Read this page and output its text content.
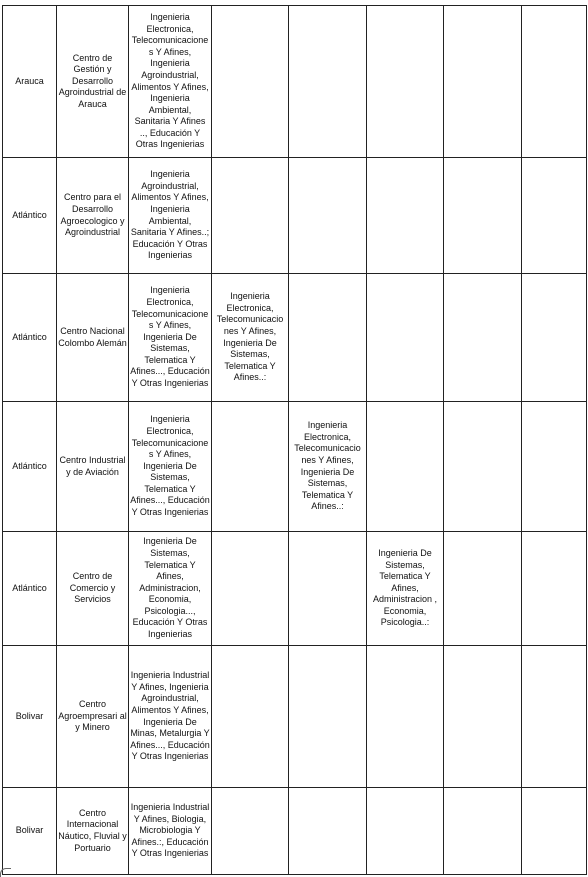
Arauca	Centro de Gestión y Desarrollo Agroindustrial de Arauca	Ingenieria Electronica, Telecomunicacione s Y Afines, Ingenieria Agroindustrial, Alimentos Y Afines, Ingenieria Ambiental, Sanitaria Y Afines .., Educación Y Otras Ingenierias					

Atlántico	Centro para el Desarrollo Agroecologico y Agroindustrial	Ingenieria Agroindustrial, Alimentos Y Afines, Ingenieria Ambiental, Sanitaria Y Afines..; Educación Y Otras Ingenierias					

Atlántico	Centro Nacional Colombo Alemán	Ingenieria Electronica, Telecomunicacione s Y Afines, Ingenieria De Sistemas, Telematica Y Afines..., Educación Y Otras Ingenierias	Ingenieria Electronica, Telecomunicacio nes Y Afines, Ingenieria De Sistemas, Telematica Y Afines..:				

Atlántico	Centro Industrial y de Aviación	Ingenieria Electronica, Telecomunicacione s Y Afines, Ingenieria De Sistemas, Telematica Y Afines..., Educación Y Otras Ingenierias		Ingenieria Electronica, Telecomunicacio nes Y Afines, Ingenieria De Sistemas, Telematica Y Afines..:			

Atlántico	Centro de Comercio y Servicios	Ingenieria De Sistemas, Telematica Y Afines, Administracion, Economia, Psicologia..., Educación Y Otras Ingenierias			Ingenieria De Sistemas, Telematica Y Afines, Administracion , Economia, Psicologia..:		

Bolivar	Centro Agroempresari al y Minero	Ingenieria Industrial Y Afines, Ingenieria Agroindustrial, Alimentos Y Afines, Ingenieria De Minas, Metalurgia Y Afines..., Educación Y Otras Ingenierias					

Bolivar	Centro Internacional Náutico, Fluvial y Portuario	Ingenieria Industrial Y Afines, Biologia, Microbiologia Y Afines.:, Educación Y Otras Ingenierias					
